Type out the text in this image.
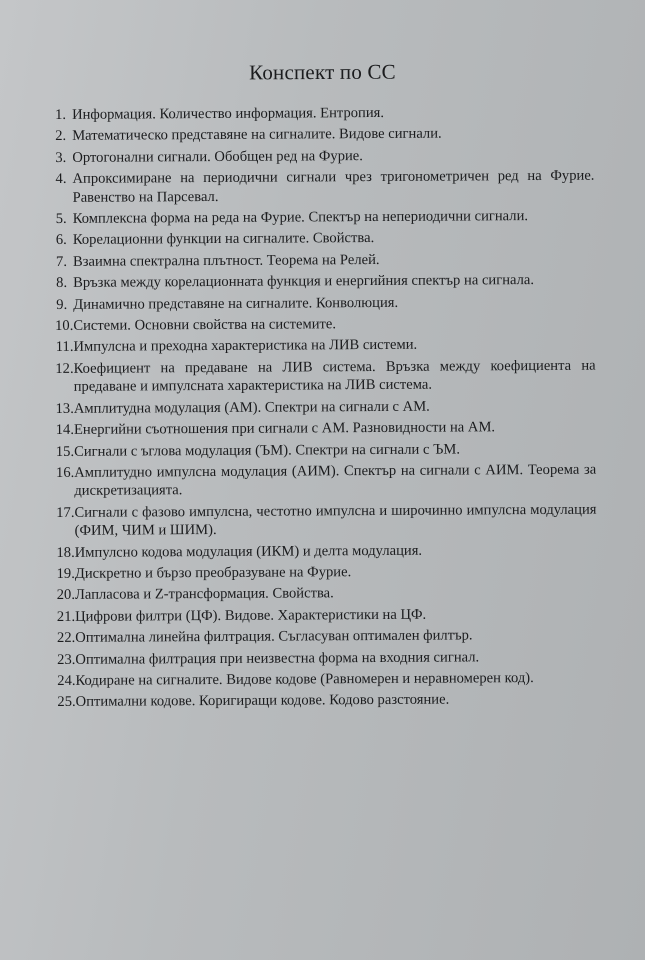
Конспект по СС
1. Информация. Количество информация. Ентропия.
2. Математическо представяне на сигналите. Видове сигнали.
3. Ортогонални сигнали. Обобщен ред на Фурие.
4. Апроксимиране на периодични сигнали чрез тригонометричен ред на Фурие. Равенство на Парсевал.
5. Комплексна форма на реда на Фурие. Спектър на непериодични сигнали.
6. Корелационни функции на сигналите. Свойства.
7. Взаимна спектрална плътност. Теорема на Релей.
8. Връзка между корелационната функция и енергийния спектър на сигнала.
9. Динамично представяне на сигналите. Конволюция.
10. Системи. Основни свойства на системите.
11. Импулсна и преходна характеристика на ЛИВ системи.
12. Коефициент на предаване на ЛИВ система. Връзка между коефициента на предаване и импулсната характеристика на ЛИВ система.
13. Амплитудна модулация (АМ). Спектри на сигнали с АМ.
14. Енергийни съотношения при сигнали с АМ. Разновидности на АМ.
15. Сигнали с ъглова модулация (ЪМ). Спектри на сигнали с ЪМ.
16. Амплитудно импулсна модулация (АИМ). Спектър на сигнали с АИМ. Теорема за дискретизацията.
17. Сигнали с фазово импулсна, честотно импулсна и широчинно импулсна модулация (ФИМ, ЧИМ и ШИМ).
18. Импулсно кодова модулация (ИКМ) и делта модулация.
19. Дискретно и бързо преобразуване на Фурие.
20. Лапласова и Z-трансформация. Свойства.
21. Цифрови филтри (ЦФ). Видове. Характеристики на ЦФ.
22. Оптимална линейна филтрация. Съгласуван оптимален филтър.
23. Оптимална филтрация при неизвестна форма на входния сигнал.
24. Кодиране на сигналите. Видове кодове (Равномерен и неравномерен код).
25. Оптимални кодове. Коригиращи кодове. Кодово разстояние.
